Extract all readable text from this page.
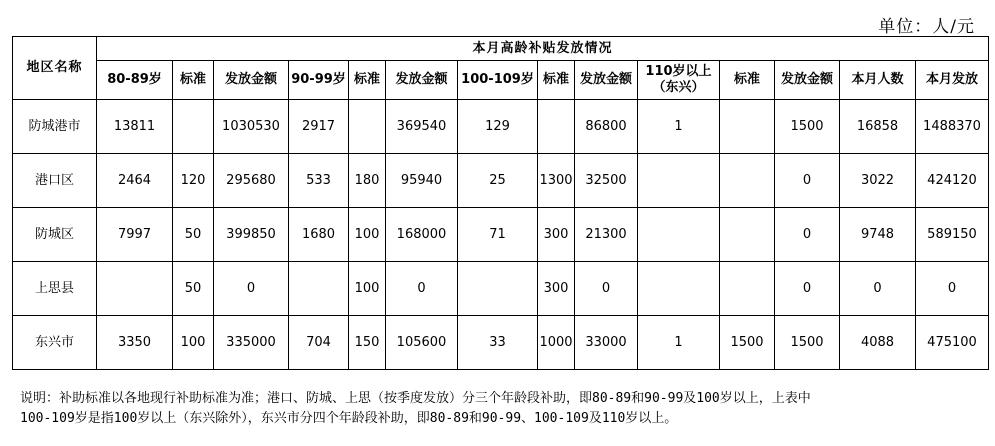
单位：人/元
地区名称	本月高龄补贴发放情况													
	80-89岁	标准	发放金额	90-99岁	标准	发放金额	100-109岁	标准	发放金额	110岁以上（东兴）	标准	发放金额	本月人数	本月发放
防城港市	13811		1030530	2917		369540	129		86800	1		1500	16858	1488370
港口区	2464	120	295680	533	180	95940	25	1300	32500			0	3022	424120
防城区	7997	50	399850	1680	100	168000	71	300	21300			0	9748	589150
上思县		50	0		100	0		300	0			0	0	0
东兴市	3350	100	335000	704	150	105600	33	1000	33000	1	1500	1500	4088	475100
说明：补助标准以各地现行补助标准为准；港口、防城、上思（按季度发放）分三个年龄段补助，即80-89和90-99及100岁以上，上表中
100-109岁是指100岁以上（东兴除外），东兴市分四个年龄段补助，即80-89和90-99、100-109及110岁以上。
